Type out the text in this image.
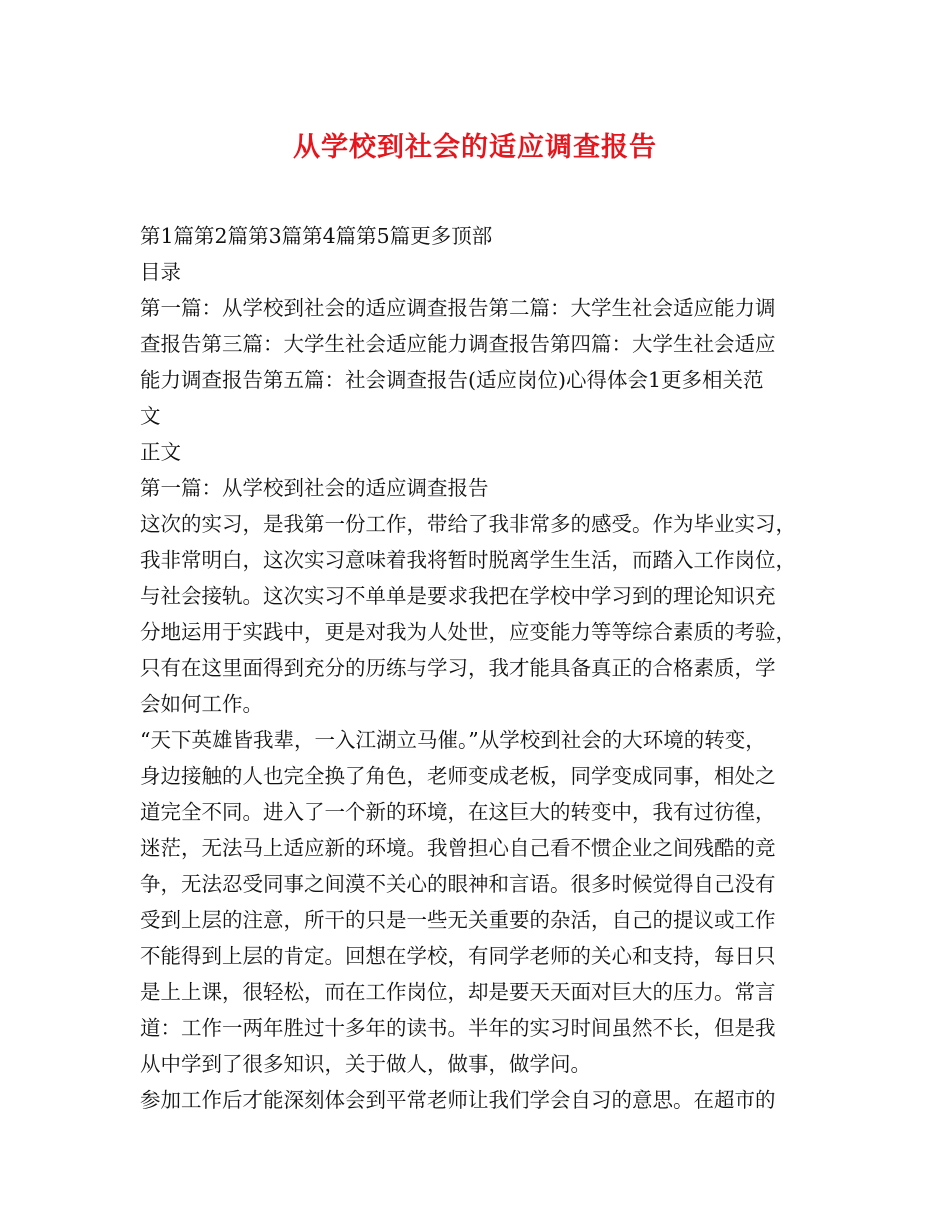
从学校到社会的适应调查报告
第1篇第2篇第3篇第4篇第5篇更多顶部
目录
第一篇：从学校到社会的适应调查报告第二篇：大学生社会适应能力调
查报告第三篇：大学生社会适应能力调查报告第四篇：大学生社会适应
能力调查报告第五篇：社会调查报告(适应岗位)心得体会1更多相关范
文
正文
第一篇：从学校到社会的适应调查报告
这次的实习，是我第一份工作，带给了我非常多的感受。作为毕业实习，
我非常明白，这次实习意味着我将暂时脱离学生生活，而踏入工作岗位，
与社会接轨。这次实习不单单是要求我把在学校中学习到的理论知识充
分地运用于实践中，更是对我为人处世，应变能力等等综合素质的考验，
只有在这里面得到充分的历练与学习，我才能具备真正的合格素质，学
会如何工作。
“天下英雄皆我辈，一入江湖立马催。”从学校到社会的大环境的转变，
身边接触的人也完全换了角色，老师变成老板，同学变成同事，相处之
道完全不同。进入了一个新的环境，在这巨大的转变中，我有过彷徨，
迷茫，无法马上适应新的环境。我曾担心自己看不惯企业之间残酷的竞
争，无法忍受同事之间漠不关心的眼神和言语。很多时候觉得自己没有
受到上层的注意，所干的只是一些无关重要的杂活，自己的提议或工作
不能得到上层的肯定。回想在学校，有同学老师的关心和支持，每日只
是上上课，很轻松，而在工作岗位，却是要天天面对巨大的压力。常言
道：工作一两年胜过十多年的读书。半年的实习时间虽然不长，但是我
从中学到了很多知识，关于做人，做事，做学问。
参加工作后才能深刻体会到平常老师让我们学会自习的意思。在超市的
